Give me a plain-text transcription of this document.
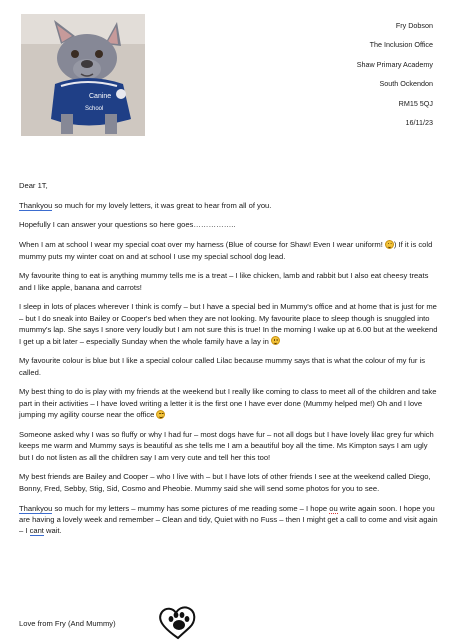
Canine
School
Fry Dobson
The Inclusion Office
Shaw Primary Academy
South Ockendon
RM15 5QJ
16/11/23

Dear 1T,

Thankyou so much for my lovely letters, it was great to hear from all of you.

Hopefully I can answer your questions so here goes……………..

When I am at school I wear my special coat over my harness (Blue of course for Shaw! Even I wear uniform! ) If it is cold mummy puts my winter coat on and at school I use my special school dog lead.

My favourite thing to eat is anything mummy tells me is a treat – I like chicken, lamb and rabbit but I also eat cheesy treats and I like apple, banana and carrots!

I sleep in lots of places wherever I think is comfy – but I have a special bed in Mummy's office and at home that is just for me – but I do sneak into Bailey or Cooper's bed when they are not looking. My favourite place to sleep though is snuggled into mummy's lap. She says I snore very loudly but I am not sure this is true! In the morning I wake up at 6.00 but at the weekend I get up a bit later – especially Sunday when the whole family have a lay in

My favourite colour is blue but I like a special colour called Lilac because mummy says that is what the colour of my fur is called.

My best thing to do is play with my friends at the weekend but I really like coming to class to meet all of the children and take part in their activities – I have loved writing a letter it is the first one I have ever done (Mummy helped me!) Oh and I love jumping my agility course near the office

Someone asked why I was so fluffy or why I had fur – most dogs have fur – not all dogs but I have lovely lilac grey fur which keeps me warm and Mummy says is beautiful as she tells me I am a beautiful boy all the time. Ms Kimpton says I am ugly but I do not listen as all the children say I am very cute and tell her this too!

My best friends are Bailey and Cooper – who I live with – but I have lots of other friends I see at the weekend called Diego, Bonny, Fred, Sebby, Stig, Sid, Cosmo and Pheobie. Mummy said she will send some photos for you to see.

Thankyou so much for my letters – mummy has some pictures of me reading some – I hope ou write again soon. I hope you are having a lovely week and remember – Clean and tidy, Quiet with no Fuss – then I might get a call to come and visit again – I cant wait.

Love from Fry (And Mummy)
